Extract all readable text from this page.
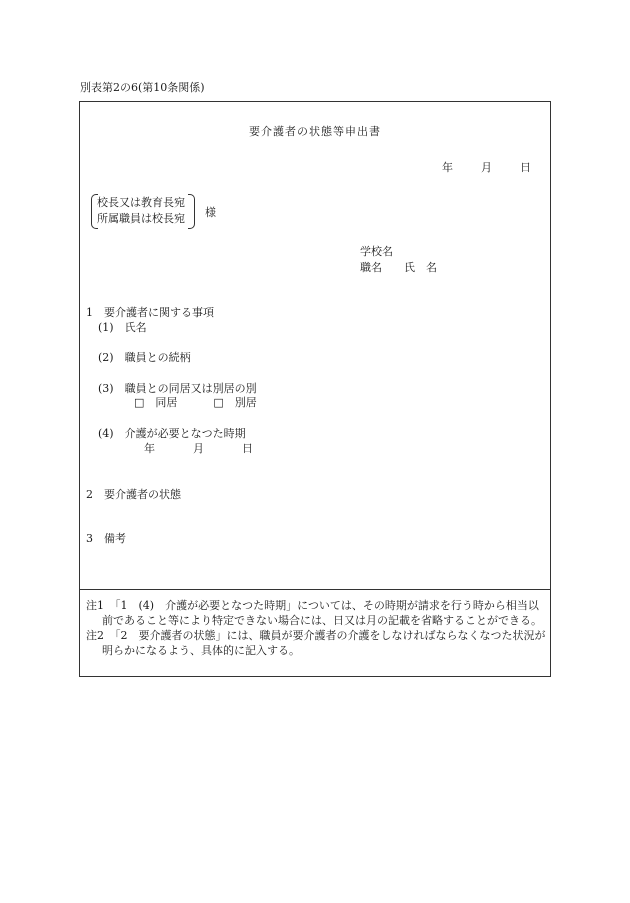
別表第2の6(第10条関係)
要介護者の状態等申出書
年	月	日
校長又は教育長宛
所属職員は校長宛	様
学校名
職名 氏　名
1　要介護者に関する事項
(1)　氏名
(2)　職員との続柄
(3)　職員との同居又は別居の別
□　同居	□　別居
(4)　介護が必要となつた時期
年	月	日
2　要介護者の状態
3　備考

注1　「1　(4)　介護が必要となつた時期」については、その時期が請求を行う時から相当以前であること等により特定できない場合には、日又は月の記載を省略することができる。

注2　「2　要介護者の状態」には、職員が要介護者の介護をしなければならなくなつた状況が明らかになるよう、具体的に記入する。
